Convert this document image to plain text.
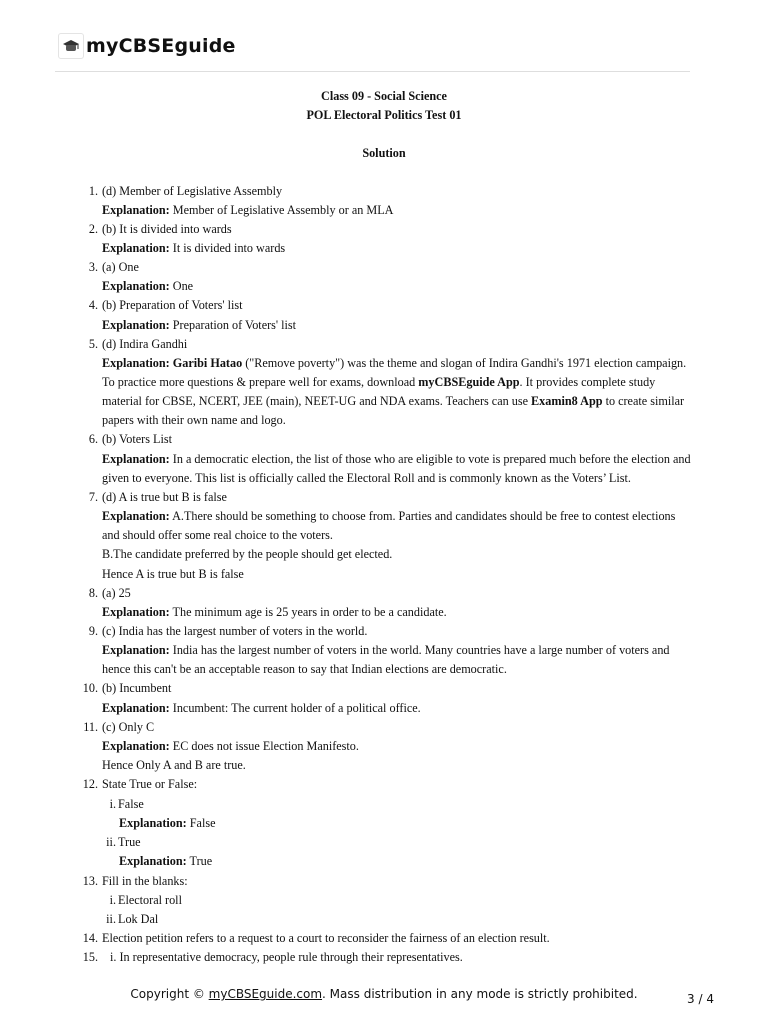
myCBSEguide
Class 09 - Social Science
POL Electoral Politics Test 01
Solution
1. (d) Member of Legislative Assembly
Explanation: Member of Legislative Assembly or an MLA
2. (b) It is divided into wards
Explanation: It is divided into wards
3. (a) One
Explanation: One
4. (b) Preparation of Voters' list
Explanation: Preparation of Voters' list
5. (d) Indira Gandhi
Explanation: Garibi Hatao ("Remove poverty") was the theme and slogan of Indira Gandhi's 1971 election campaign.
To practice more questions & prepare well for exams, download myCBSEguide App. It provides complete study
material for CBSE, NCERT, JEE (main), NEET-UG and NDA exams. Teachers can use Examin8 App to create similar
papers with their own name and logo.
6. (b) Voters List
Explanation: In a democratic election, the list of those who are eligible to vote is prepared much before the election and
given to everyone. This list is officially called the Electoral Roll and is commonly known as the Voters’ List.
7. (d) A is true but B is false
Explanation: A.There should be something to choose from. Parties and candidates should be free to contest elections
and should offer some real choice to the voters.
B.The candidate preferred by the people should get elected.
Hence A is true but B is false
8. (a) 25
Explanation: The minimum age is 25 years in order to be a candidate.
9. (c) India has the largest number of voters in the world.
Explanation: India has the largest number of voters in the world. Many countries have a large number of voters and
hence this can't be an acceptable reason to say that Indian elections are democratic.
10. (b) Incumbent
Explanation: Incumbent: The current holder of a political office.
11. (c) Only C
Explanation: EC does not issue Election Manifesto.
Hence Only A and B are true.
12. State True or False:
i. False
Explanation: False
ii. True
Explanation: True
13. Fill in the blanks:
i. Electoral roll
ii. Lok Dal
14. Election petition refers to a request to a court to reconsider the fairness of an election result.
15. i. In representative democracy, people rule through their representatives.
Copyright © myCBSEguide.com. Mass distribution in any mode is strictly prohibited.	3 / 4
